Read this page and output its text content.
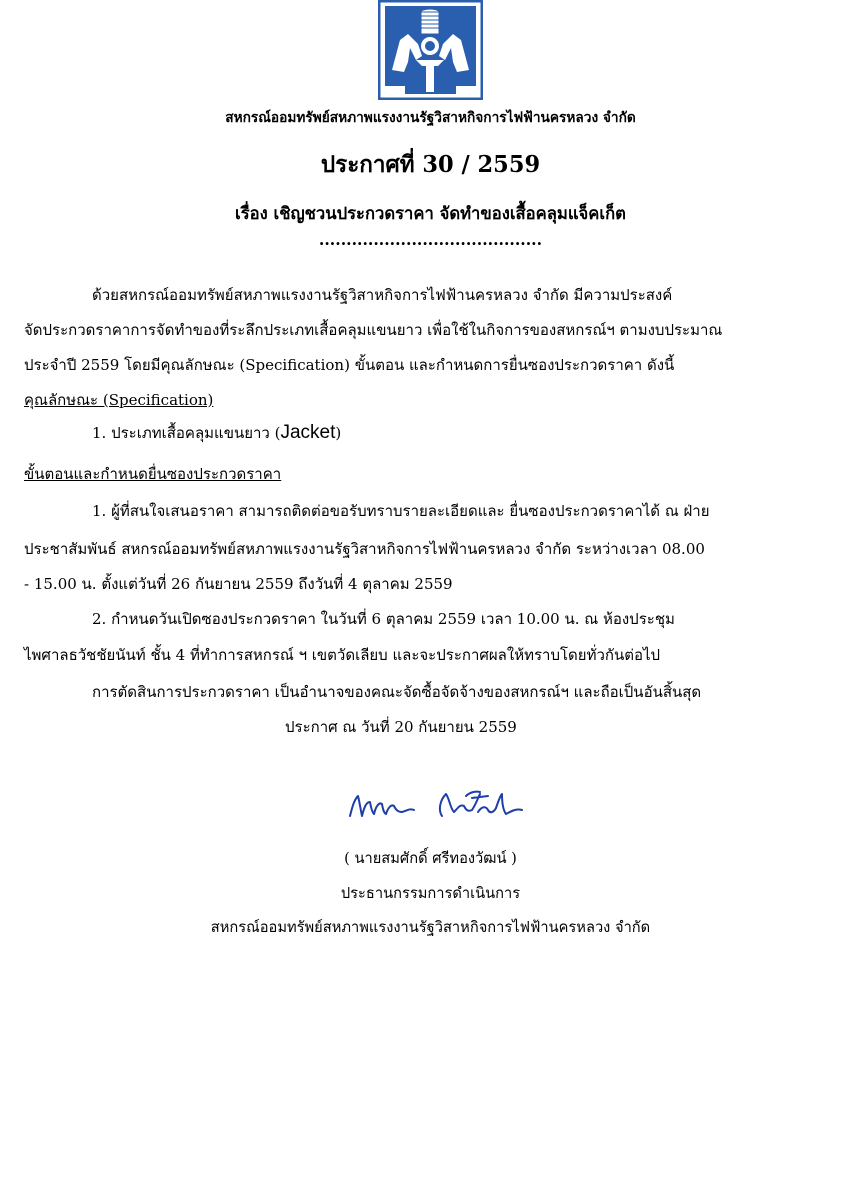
สหกรณ์ออมทรัพย์สหภาพแรงงานรัฐวิสาหกิจการไฟฟ้านครหลวง จำกัด
ประกาศที่ 30 / 2559
เรื่อง เชิญชวนประกวดราคา จัดทำของเสื้อคลุมแจ็คเก็ต
.........................................
ด้วยสหกรณ์ออมทรัพย์สหภาพแรงงานรัฐวิสาหกิจการไฟฟ้านครหลวง จำกัด มีความประสงค์
จัดประกวดราคาการจัดทำของที่ระลึกประเภทเสื้อคลุมแขนยาว เพื่อใช้ในกิจการของสหกรณ์ฯ ตามงบประมาณ
ประจำปี 2559 โดยมีคุณลักษณะ (Specification) ขั้นตอน และกำหนดการยื่นซองประกวดราคา ดังนี้
คุณลักษณะ (Specification)
1. ประเภทเสื้อคลุมแขนยาว (Jacket)
ขั้นตอนและกำหนดยื่นซองประกวดราคา
1. ผู้ที่สนใจเสนอราคา สามารถติดต่อขอรับทราบรายละเอียดและ ยื่นซองประกวดราคาได้ ณ ฝ่าย
ประชาสัมพันธ์ สหกรณ์ออมทรัพย์สหภาพแรงงานรัฐวิสาหกิจการไฟฟ้านครหลวง จำกัด ระหว่างเวลา 08.00
- 15.00 น. ตั้งแต่วันที่ 26 กันยายน 2559 ถึงวันที่ 4 ตุลาคม 2559
2. กำหนดวันเปิดซองประกวดราคา ในวันที่ 6 ตุลาคม 2559 เวลา 10.00 น. ณ ห้องประชุม
ไพศาลธวัชชัยนันท์ ชั้น 4 ที่ทำการสหกรณ์ ฯ เขตวัดเลียบ และจะประกาศผลให้ทราบโดยทั่วกันต่อไป
การตัดสินการประกวดราคา เป็นอำนาจของคณะจัดซื้อจัดจ้างของสหกรณ์ฯ และถือเป็นอันสิ้นสุด
ประกาศ ณ วันที่ 20 กันยายน 2559
( นายสมศักดิ์ ศรีทองวัฒน์ )
ประธานกรรมการดำเนินการ
สหกรณ์ออมทรัพย์สหภาพแรงงานรัฐวิสาหกิจการไฟฟ้านครหลวง จำกัด
